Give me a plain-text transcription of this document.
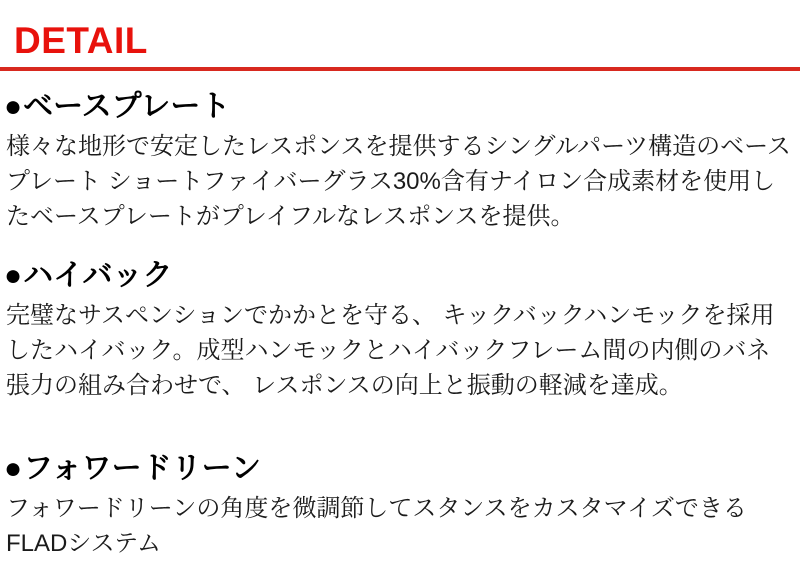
DETAIL
● ベースプレート
様々な地形で安定したレスポンスを提供するシングルパーツ構造のベース
プレート ショートファイバーグラス30%含有ナイロン合成素材を使用し
たベースプレートがプレイフルなレスポンスを提供。
● ハイバック
完璧なサスペンションでかかとを守る、 キックバックハンモックを採用
したハイバック。成型ハンモックとハイバックフレーム間の内側のバネ
張力の組み合わせで、 レスポンスの向上と振動の軽減を達成。
● フォワードリーン
フォワードリーンの角度を微調節してスタンスをカスタマイズできる
FLADシステム
